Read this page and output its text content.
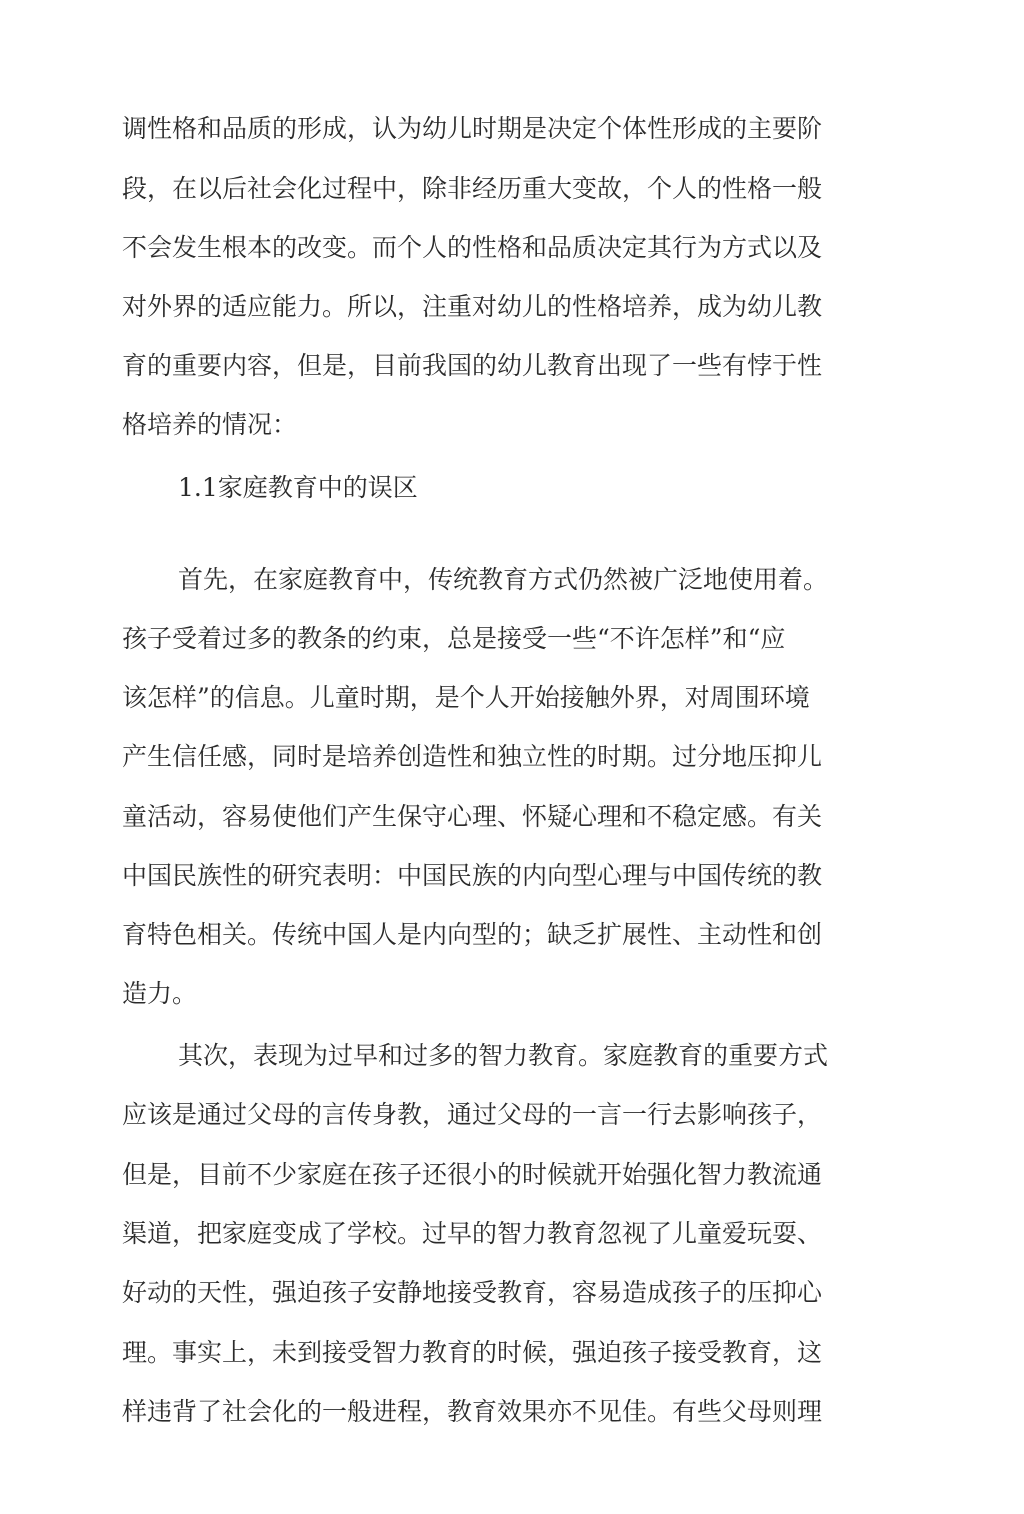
调性格和品质的形成，认为幼儿时期是决定个体性形成的主要阶

段，在以后社会化过程中，除非经历重大变故，个人的性格一般

不会发生根本的改变。而个人的性格和品质决定其行为方式以及

对外界的适应能力。所以，注重对幼儿的性格培养，成为幼儿教

育的重要内容，但是，目前我国的幼儿教育出现了一些有悖于性

格培养的情况：

1.1家庭教育中的误区

首先，在家庭教育中，传统教育方式仍然被广泛地使用着。

孩子受着过多的教条的约束，总是接受一些“不许怎样”和“应

该怎样”的信息。儿童时期，是个人开始接触外界，对周围环境

产生信任感，同时是培养创造性和独立性的时期。过分地压抑儿

童活动，容易使他们产生保守心理、怀疑心理和不稳定感。有关

中国民族性的研究表明：中国民族的内向型心理与中国传统的教

育特色相关。传统中国人是内向型的；缺乏扩展性、主动性和创

造力。

其次，表现为过早和过多的智力教育。家庭教育的重要方式

应该是通过父母的言传身教，通过父母的一言一行去影响孩子，

但是，目前不少家庭在孩子还很小的时候就开始强化智力教流通

渠道，把家庭变成了学校。过早的智力教育忽视了儿童爱玩耍、

好动的天性，强迫孩子安静地接受教育，容易造成孩子的压抑心

理。事实上，未到接受智力教育的时候，强迫孩子接受教育，这

样违背了社会化的一般进程，教育效果亦不见佳。有些父母则理
